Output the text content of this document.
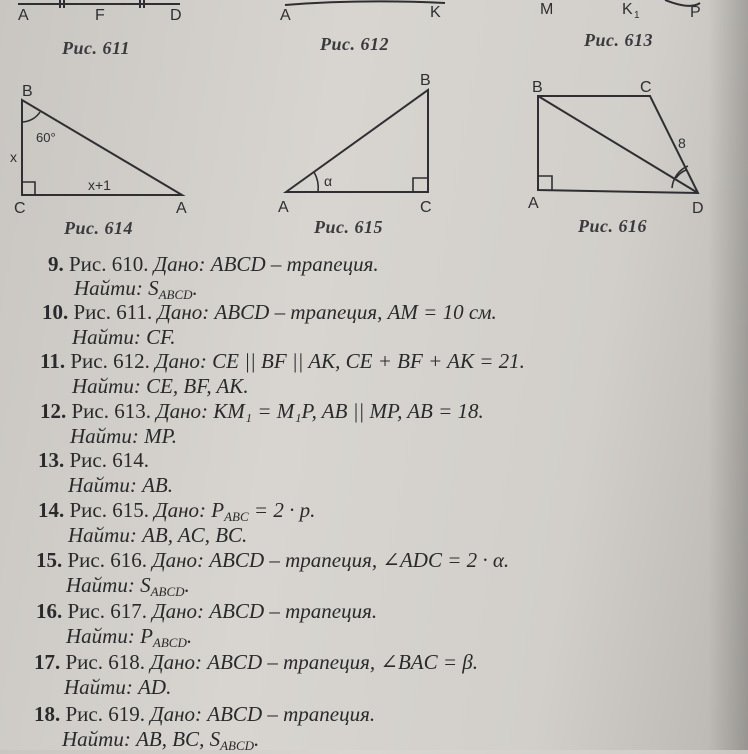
A	F	D	A	K	M	K 1	P
B
C	A
60°
x
x+1
B
A	C
α
B	C
A	D
8
Рис. 611	Рис. 612	Рис. 613
Рис. 614	Рис. 615	Рис. 616
9. Рис. 610. Дано: ABCD – трапеция.
Найти: $S_{ABCD}$.
10. Рис. 611. Дано: ABCD – трапеция, AM = 10 см.
Найти: CF.
11. Рис. 612. Дано: CE || BF || AK, CE + BF + AK = 21.
Найти: CE, BF, AK.
12. Рис. 613. Дано: KM₁ = M₁P, AB || MP, AB = 18.
Найти: MP.
13. Рис. 614.
Найти: AB.
14. Рис. 615. Дано: $P_{ABC} = 2 \cdot p$.
Найти: AB, AC, BC.
15. Рис. 616. Дано: ABCD – трапеция, ∠ADC = 2 · α.
Найти: $S_{ABCD}$.
16. Рис. 617. Дано: ABCD – трапеция.
Найти: $P_{ABCD}$.
17. Рис. 618. Дано: ABCD – трапеция, ∠BAC = β.
Найти: AD.
18. Рис. 619. Дано: ABCD – трапеция.
Найти: AB, BC, $S_{ABCD}$.
